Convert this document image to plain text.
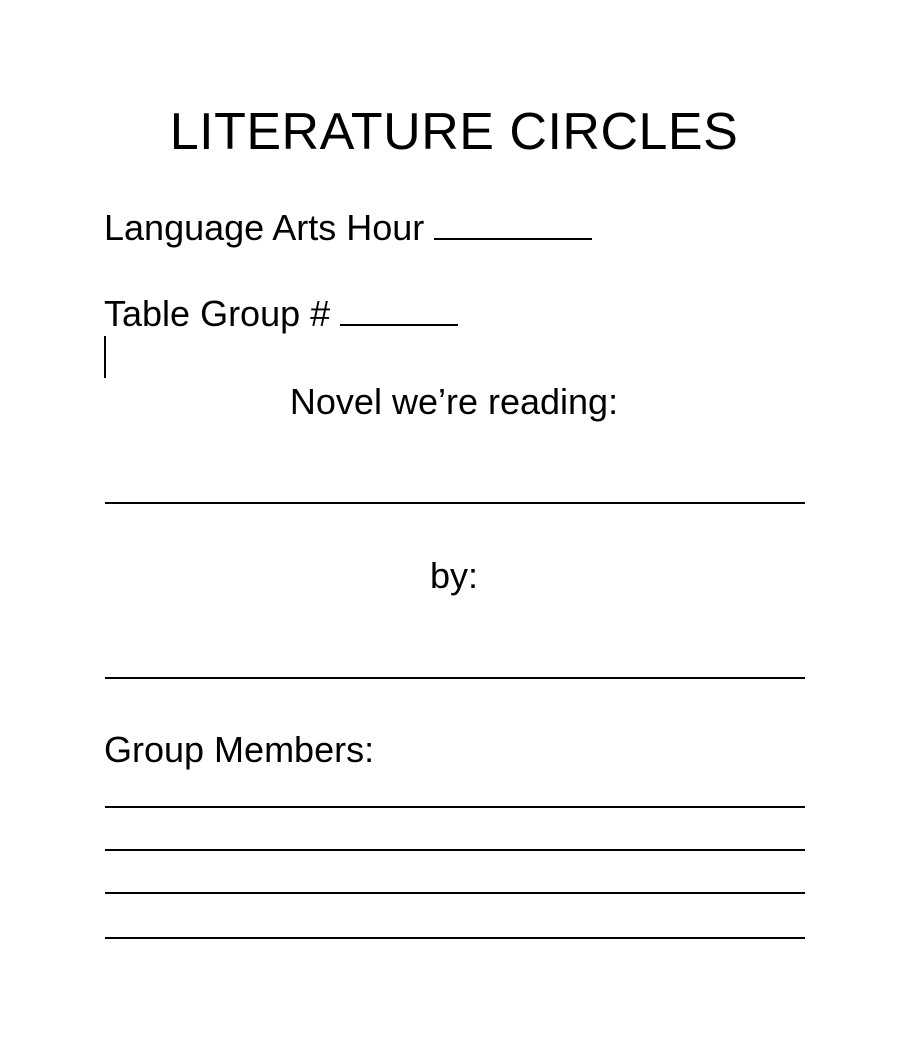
LITERATURE CIRCLES
Language Arts Hour
Table Group #
Novel we’re reading:
by:
Group Members:
